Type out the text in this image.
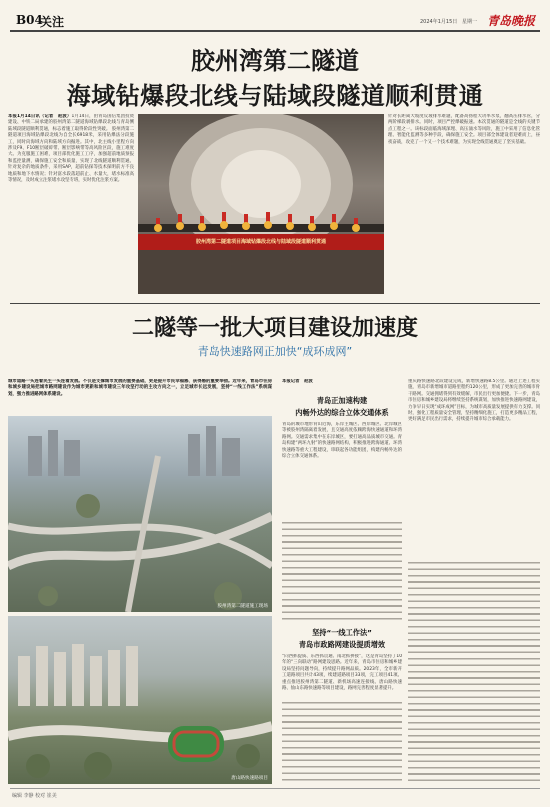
B04
关注	2024年1月15日 星期一 青岛晚报
胶州湾第二隧道
海域钻爆段北线与陆域段隧道顺利贯通
本报1月14日讯（记者　赵波）1月14日，由青岛国信集团投资建设、中铁二局承建的胶州湾第二隧道海域钻爆段北线与青岛侧陆域段隧道顺利贯通，标志着施工取得阶段性突破。 胶州湾第二隧道项目海域钻爆段北线为自全长6918米，采用钻爆法分段施工，同时向海域方向和陆域方向掘进。其中，北主线小里程方向涉及F9、F10断层破碎带、断层影响带等高风险区段，施工难度大。为克服施工困难，项目部优化施工工序，加强超前地质预报和监控量测，确保施工安全和质量，实现了北线隧道顺利贯通。 针对复杂的地质条件，采用SAP，超前钻探等技术探明前方不良地质和地下水情况；针对富水段落超前止、水量大，堵水标准高等情况，及时成立注浆堵水攻坚专班，实时优化注浆方案。
针对长距离大坡度反坡排水难题，配备高扬程大功率水泵，翻高压排水管，分两阶梯段剥排水。同时，项目严控爆破振速。本次贯通的隧道是全线的关键节点工程之一。该标段面临海域深埋、高压涌水等风险，施工中采用了信息化管理、智能化监测等多种手段，确保施工安全。项目部全体建设者迎难而上，昼夜奋战，攻克了一个又一个技术难题，为实现全线贯通奠定了坚实基础。
胶州湾第二隧道项目海域钻爆段北线与陆域段隧道顺利贯通
二隧等一批大项目建设加速度
青岛快速路网正加快“成环成网”
城市道路一头连着民生一头连着发展。不仅是支撑城市发展的重要基础，更是提升市民幸福感、获得感的重要举措。近年来，青岛市住房和城乡建设局把城市路网建设作为城市更新和城市建设三年攻坚行动的主攻方向之一，立足城市长远发展，坚持“一线工作法”系统谋划，强力推进路网体系建设。
胶州湾第二隧道施工现场
唐山路快速路项目
本报记者　赵波
青岛正加速构建
内畅外达的综合立体交通体系
青岛的城市地形背山近海，东岸主城区、西岸城区、北岸城区等被胶州湾隔离着发展，且交通高度依赖跨海快速通道和环湾路网。交通需求集中在东岸城区，要打通高品质城市交通。青岛构建“两环九射”的快速路网结构，积极推进跨海通道、环湾快速路等重大工程建设，串联起各功能组团，构建内畅外达的综合立体交通体系。
坚持“一线工作法”
青岛市政路网建设提质增效
“向西抓提质、东西抓贯通、南北抓拼接”，这是青岛坚持了10年的“三向联动”路网建设思路。近年来，青岛市住房和城乡建设局坚持问题导向，持续提升路网品质。2023年，全市新开工道路项目共计43项，续建道路项目33项，完工项目41项。重点推进胶州湾第二隧道、新机场高速连接线、唐山路快速路、仙山东路快速路等项目建设，路网完善程度显著提升。
重庆路快速路北段建设完成，新增快速路8.5公里。通过上述工程实施，青岛市新增城市道路里程约120公里，形成了更加完善的城市骨干路网。交通拥堵得到有效缓解，市民出行更加便捷。下一步，青岛市住房和城乡建设局将继续坚持系统谋划，加快推进快速路网建设，力争早日实现“成环成网”目标，为城市高质量发展提供有力支撑。同时，强化工程质量安全管理，坚持精细化施工，打造更多精品工程，更好满足市民出行需求，持续提升城市综合承载能力。
编辑 李静 校对 崔美
